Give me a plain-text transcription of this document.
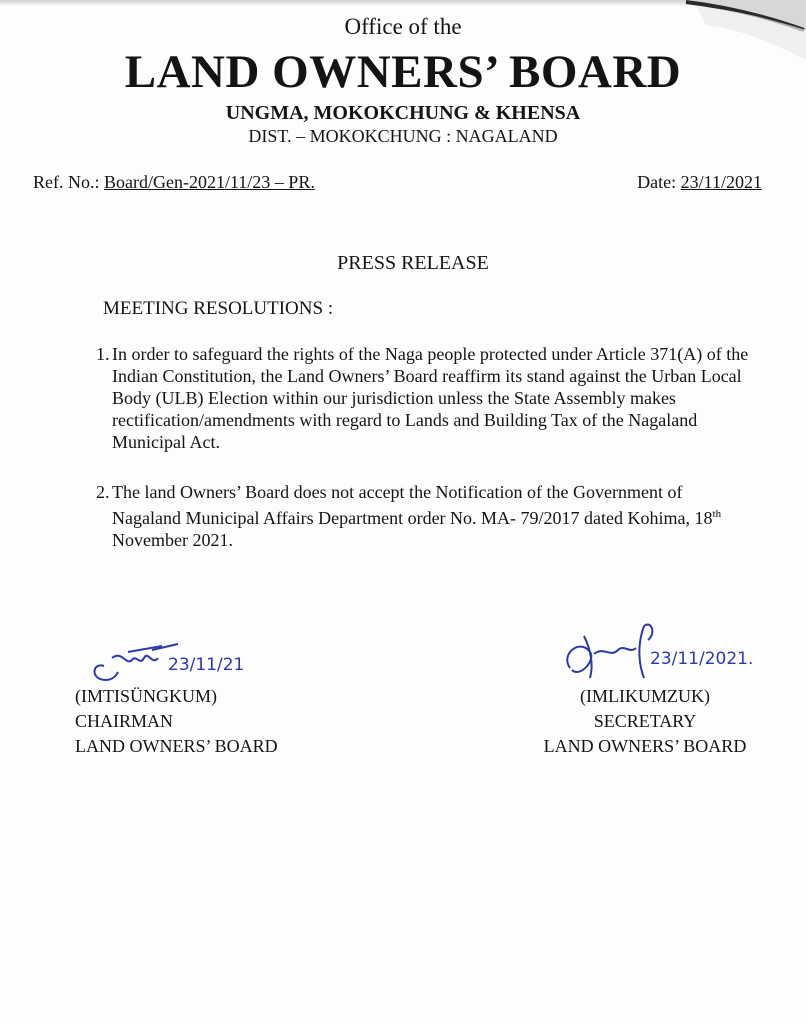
Office of the
LAND OWNERS’ BOARD
UNGMA, MOKOKCHUNG & KHENSA
DIST. – MOKOKCHUNG : NAGALAND
Ref. No.: Board/Gen-2021/11/23 – PR.	Date: 23/11/2021
PRESS RELEASE
MEETING RESOLUTIONS :
1. In order to safeguard the rights of the Naga people protected under Article 371(A) of the Indian Constitution, the Land Owners’ Board reaffirm its stand against the Urban Local Body (ULB) Election within our jurisdiction unless the State Assembly makes rectification/amendments with regard to Lands and Building Tax of the Nagaland Municipal Act.

2. The land Owners’ Board does not accept the Notification of the Government of Nagaland Municipal Affairs Department order No. MA- 79/2017 dated Kohima, 18th November 2021.

23/11/21
(IMTISÜNGKUM)
CHAIRMAN
LAND OWNERS’ BOARD
23/11/2021.
(IMLIKUMZUK)
SECRETARY
LAND OWNERS’ BOARD
